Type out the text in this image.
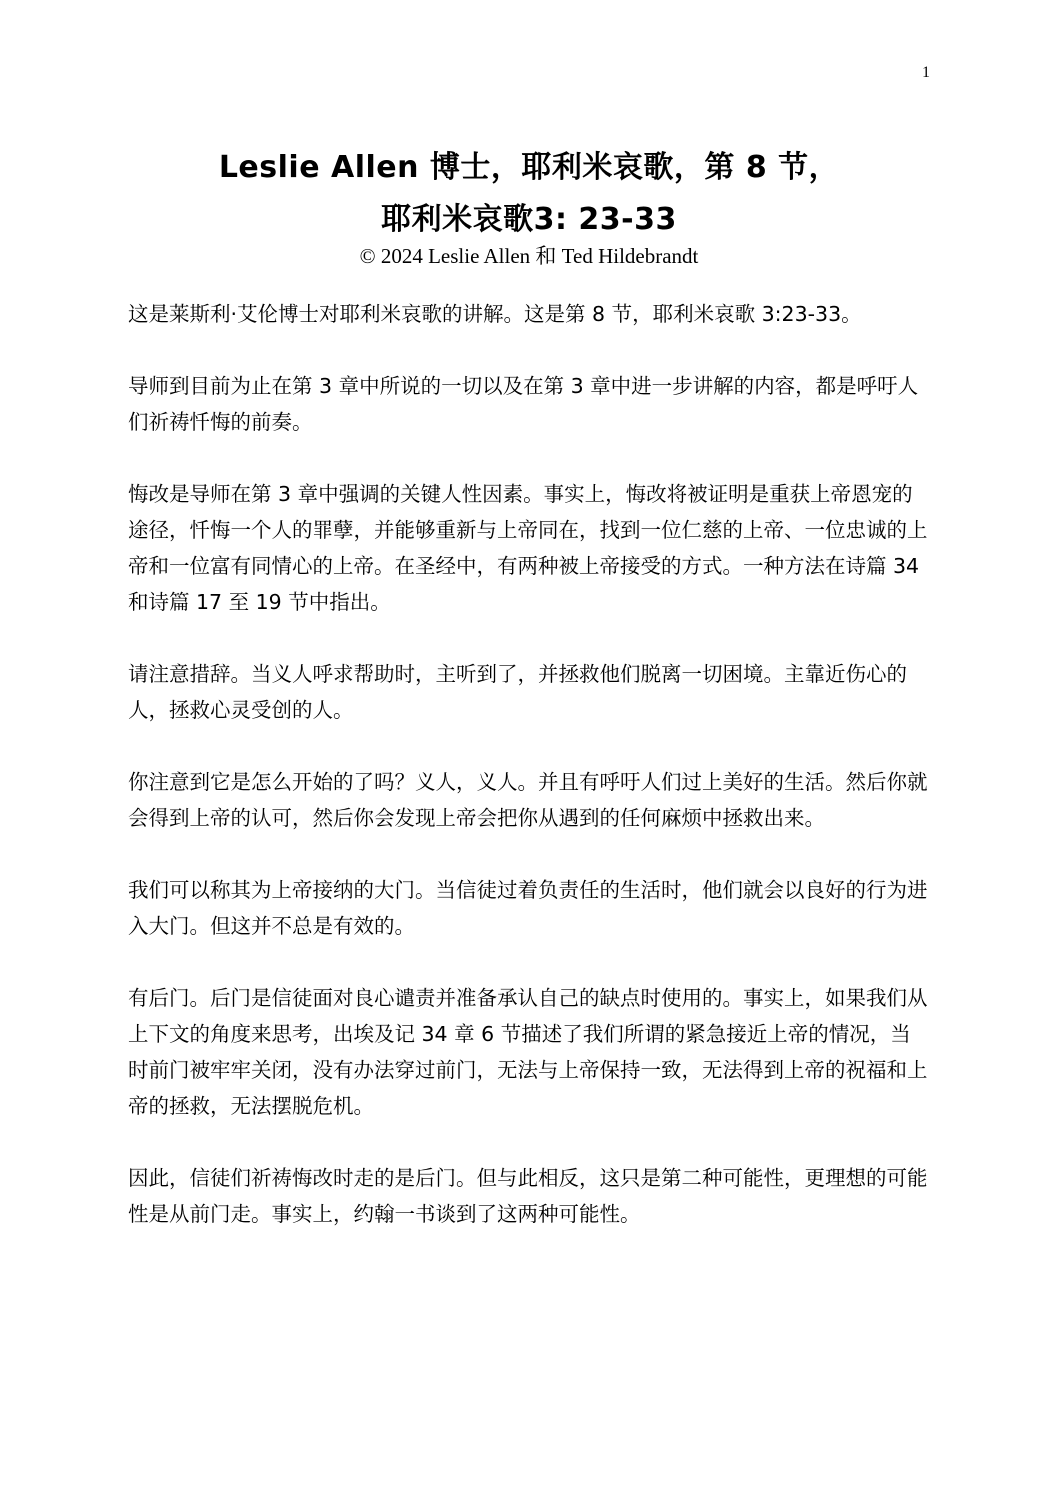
1
Leslie Allen 博士，耶利米哀歌，第 8 节，
耶利米哀歌3: 23-33
© 2024 Leslie Allen 和 Ted Hildebrandt

这是莱斯利·艾伦博士对耶利米哀歌的讲解。这是第 8 节，耶利米哀歌 3:23-33。

导师到目前为止在第 3 章中所说的一切以及在第 3 章中进一步讲解的内容，都是呼吁人们祈祷忏悔的前奏。

悔改是导师在第 3 章中强调的关键人性因素。事实上，悔改将被证明是重获上帝恩宠的途径，忏悔一个人的罪孽，并能够重新与上帝同在，找到一位仁慈的上帝、一位忠诚的上帝和一位富有同情心的上帝。在圣经中，有两种被上帝接受的方式。一种方法在诗篇 34 和诗篇 17 至 19 节中指出。

请注意措辞。当义人呼求帮助时，主听到了，并拯救他们脱离一切困境。主靠近伤心的人，拯救心灵受创的人。

你注意到它是怎么开始的了吗？义人，义人。并且有呼吁人们过上美好的生活。然后你就会得到上帝的认可，然后你会发现上帝会把你从遇到的任何麻烦中拯救出来。

我们可以称其为上帝接纳的大门。当信徒过着负责任的生活时，他们就会以良好的行为进入大门。但这并不总是有效的。

有后门。后门是信徒面对良心谴责并准备承认自己的缺点时使用的。事实上，如果我们从上下文的角度来思考，出埃及记 34 章 6 节描述了我们所谓的紧急接近上帝的情况，当时前门被牢牢关闭，没有办法穿过前门，无法与上帝保持一致，无法得到上帝的祝福和上帝的拯救，无法摆脱危机。

因此，信徒们祈祷悔改时走的是后门。但与此相反，这只是第二种可能性，更理想的可能性是从前门走。事实上，约翰一书谈到了这两种可能性。
